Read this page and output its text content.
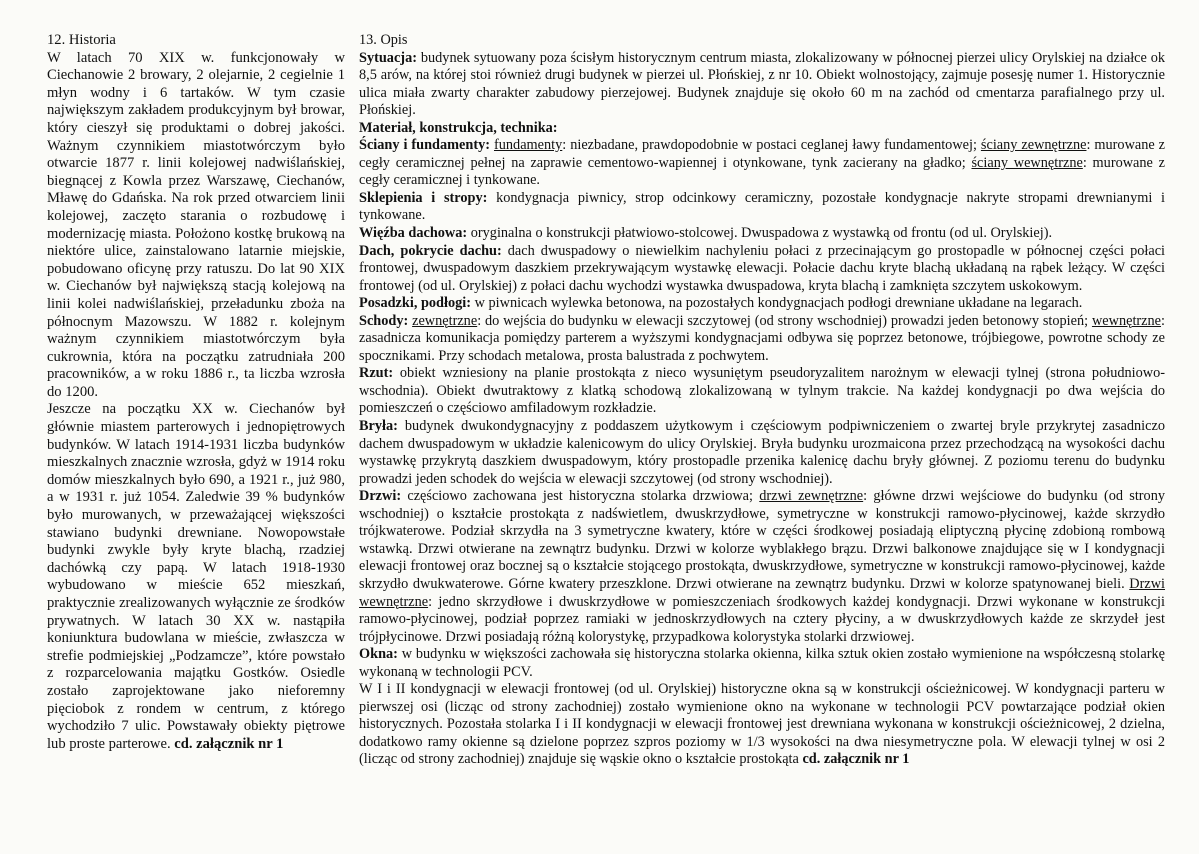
12. Historia

W latach 70 XIX w. funkcjonowały w Ciechanowie 2 browary, 2 olejarnie, 2 cegielnie 1 młyn wodny i 6 tartaków. W tym czasie największym zakładem produkcyjnym był browar, który cieszył się produktami o dobrej jakości. Ważnym czynnikiem miastotwórczym było otwarcie 1877 r. linii kolejowej nadwiślańskiej, biegnącej z Kowla przez Warszawę, Ciechanów, Mławę do Gdańska. Na rok przed otwarciem linii kolejowej, zaczęto starania o rozbudowę i modernizację miasta. Położono kostkę brukową na niektóre ulice, zainstalowano latarnie miejskie, pobudowano oficynę przy ratuszu. Do lat 90 XIX w. Ciechanów był największą stacją kolejową na linii kolei nadwiślańskiej, przeładunku zboża na północnym Mazowszu. W 1882 r. kolejnym ważnym czynnikiem miastotwórczym była cukrownia, która na początku zatrudniała 200 pracowników, a w roku 1886 r., ta liczba wzrosła do 1200.

Jeszcze na początku XX w. Ciechanów był głównie miastem parterowych i jednopiętrowych budynków. W latach 1914-1931 liczba budynków mieszkalnych znacznie wzrosła, gdyż w 1914 roku domów mieszkalnych było 690, a 1921 r., już 980, a w 1931 r. już 1054. Zaledwie 39 % budynków było murowanych, w przeważającej większości stawiano budynki drewniane. Nowopowstałe budynki zwykle były kryte blachą, rzadziej dachówką czy papą. W latach 1918-1930 wybudowano w mieście 652 mieszkań, praktycznie zrealizowanych wyłącznie ze środków prywatnych. W latach 30 XX w. nastąpiła koniunktura budowlana w mieście, zwłaszcza w strefie podmiejskiej „Podzamcze”, które powstało z rozparcelowania majątku Gostków. Osiedle zostało zaprojektowane jako nieforemny pięciobok z rondem w centrum, z którego wychodziło 7 ulic. Powstawały obiekty piętrowe lub proste parterowe. cd. załącznik nr 1

13. Opis

Sytuacja: budynek sytuowany poza ścisłym historycznym centrum miasta, zlokalizowany w północnej pierzei ulicy Orylskiej na działce ok 8,5 arów, na której stoi również drugi budynek w pierzei ul. Płońskiej, z nr 10. Obiekt wolnostojący, zajmuje posesję numer 1. Historycznie ulica miała zwarty charakter zabudowy pierzejowej. Budynek znajduje się około 60 m na zachód od cmentarza parafialnego przy ul. Płońskiej.

Materiał, konstrukcja, technika:

Ściany i fundamenty: fundamenty: niezbadane, prawdopodobnie w postaci ceglanej ławy fundamentowej; ściany zewnętrzne: murowane z cegły ceramicznej pełnej na zaprawie cementowo-wapiennej i otynkowane, tynk zacierany na gładko; ściany wewnętrzne: murowane z cegły ceramicznej i tynkowane.

Sklepienia i stropy: kondygnacja piwnicy, strop odcinkowy ceramiczny, pozostałe kondygnacje nakryte stropami drewnianymi i tynkowane.

Więźba dachowa: oryginalna o konstrukcji płatwiowo-stolcowej. Dwuspadowa z wystawką od frontu (od ul. Orylskiej).

Dach, pokrycie dachu: dach dwuspadowy o niewielkim nachyleniu połaci z przecinającym go prostopadle w północnej części połaci frontowej, dwuspadowym daszkiem przekrywającym wystawkę elewacji. Połacie dachu kryte blachą układaną na rąbek leżący. W części frontowej (od ul. Orylskiej) z połaci dachu wychodzi wystawka dwuspadowa, kryta blachą i zamknięta szczytem uskokowym.

Posadzki, podłogi: w piwnicach wylewka betonowa, na pozostałych kondygnacjach podłogi drewniane układane na legarach.

Schody: zewnętrzne: do wejścia do budynku w elewacji szczytowej (od strony wschodniej) prowadzi jeden betonowy stopień; wewnętrzne: zasadnicza komunikacja pomiędzy parterem a wyższymi kondygnacjami odbywa się poprzez betonowe, trójbiegowe, powrotne schody ze spocznikami. Przy schodach metalowa, prosta balustrada z pochwytem.

Rzut: obiekt wzniesiony na planie prostokąta z nieco wysuniętym pseudoryzalitem narożnym w elewacji tylnej (strona południowo-wschodnia). Obiekt dwutraktowy z klatką schodową zlokalizowaną w tylnym trakcie. Na każdej kondygnacji po dwa wejścia do pomieszczeń o częściowo amfiladowym rozkładzie.

Bryła: budynek dwukondygnacyjny z poddaszem użytkowym i częściowym podpiwniczeniem o zwartej bryle przykrytej zasadniczo dachem dwuspadowym w układzie kalenicowym do ulicy Orylskiej. Bryła budynku urozmaicona przez przechodzącą na wysokości dachu wystawkę przykrytą daszkiem dwuspadowym, który prostopadle przenika kalenicę dachu bryły głównej. Z poziomu terenu do budynku prowadzi jeden schodek do wejścia w elewacji szczytowej (od strony wschodniej).

Drzwi: częściowo zachowana jest historyczna stolarka drzwiowa; drzwi zewnętrzne: główne drzwi wejściowe do budynku (od strony wschodniej) o kształcie prostokąta z nadświetlem, dwuskrzydłowe, symetryczne w konstrukcji ramowo-płycinowej, każde skrzydło trójkwaterowe. Podział skrzydła na 3 symetryczne kwatery, które w części środkowej posiadają eliptyczną płycinę zdobioną rombową wstawką. Drzwi otwierane na zewnątrz budynku. Drzwi w kolorze wyblakłego brązu. Drzwi balkonowe znajdujące się w I kondygnacji elewacji frontowej oraz bocznej są o kształcie stojącego prostokąta, dwuskrzydłowe, symetryczne w konstrukcji ramowo-płycinowej, każde skrzydło dwukwaterowe. Górne kwatery przeszklone. Drzwi otwierane na zewnątrz budynku. Drzwi w kolorze spatynowanej bieli. Drzwi wewnętrzne: jedno skrzydłowe i dwuskrzydłowe w pomieszczeniach środkowych każdej kondygnacji. Drzwi wykonane w konstrukcji ramowo-płycinowej, podział poprzez ramiaki w jednoskrzydłowych na cztery płyciny, a w dwuskrzydłowych każde ze skrzydeł jest trójpłycinowe. Drzwi posiadają różną kolorystykę, przypadkowa kolorystyka stolarki drzwiowej.

Okna: w budynku w większości zachowała się historyczna stolarka okienna, kilka sztuk okien zostało wymienione na współczesną stolarkę wykonaną w technologii PCV.

W I i II kondygnacji w elewacji frontowej (od ul. Orylskiej) historyczne okna są w konstrukcji ościeżnicowej. W kondygnacji parteru w pierwszej osi (licząc od strony zachodniej) zostało wymienione okno na wykonane w technologii PCV powtarzające podział okien historycznych. Pozostała stolarka I i II kondygnacji w elewacji frontowej jest drewniana wykonana w konstrukcji ościeżnicowej, 2 dzielna, dodatkowo ramy okienne są dzielone poprzez szpros poziomy w 1/3 wysokości na dwa niesymetryczne pola. W elewacji tylnej w osi 2 (licząc od strony zachodniej) znajduje się wąskie okno o kształcie prostokąta cd. załącznik nr 1
